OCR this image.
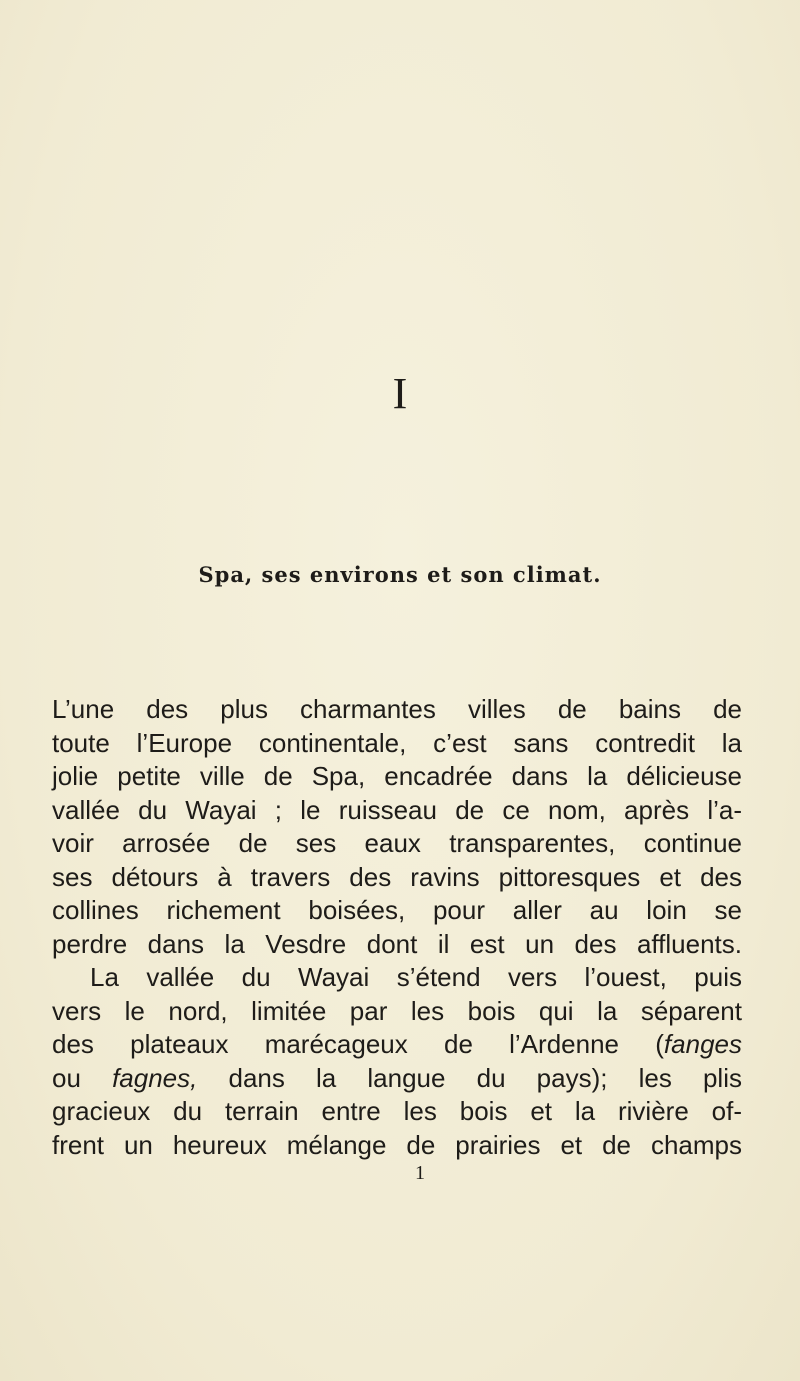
I
Spa, ses environs et son climat.
L’une des plus charmantes villes de bains de
toute l’Europe continentale, c’est sans contredit la
jolie petite ville de Spa, encadrée dans la délicieuse
vallée du Wayai ; le ruisseau de ce nom, après l’a-
voir arrosée de ses eaux transparentes, continue
ses détours à travers des ravins pittoresques et des
collines richement boisées, pour aller au loin se
perdre dans la Vesdre dont il est un des affluents.
La vallée du Wayai s’étend vers l’ouest, puis
vers le nord, limitée par les bois qui la séparent
des plateaux marécageux de l’Ardenne (fanges
ou fagnes, dans la langue du pays); les plis
gracieux du terrain entre les bois et la rivière of-
frent un heureux mélange de prairies et de champs
1
